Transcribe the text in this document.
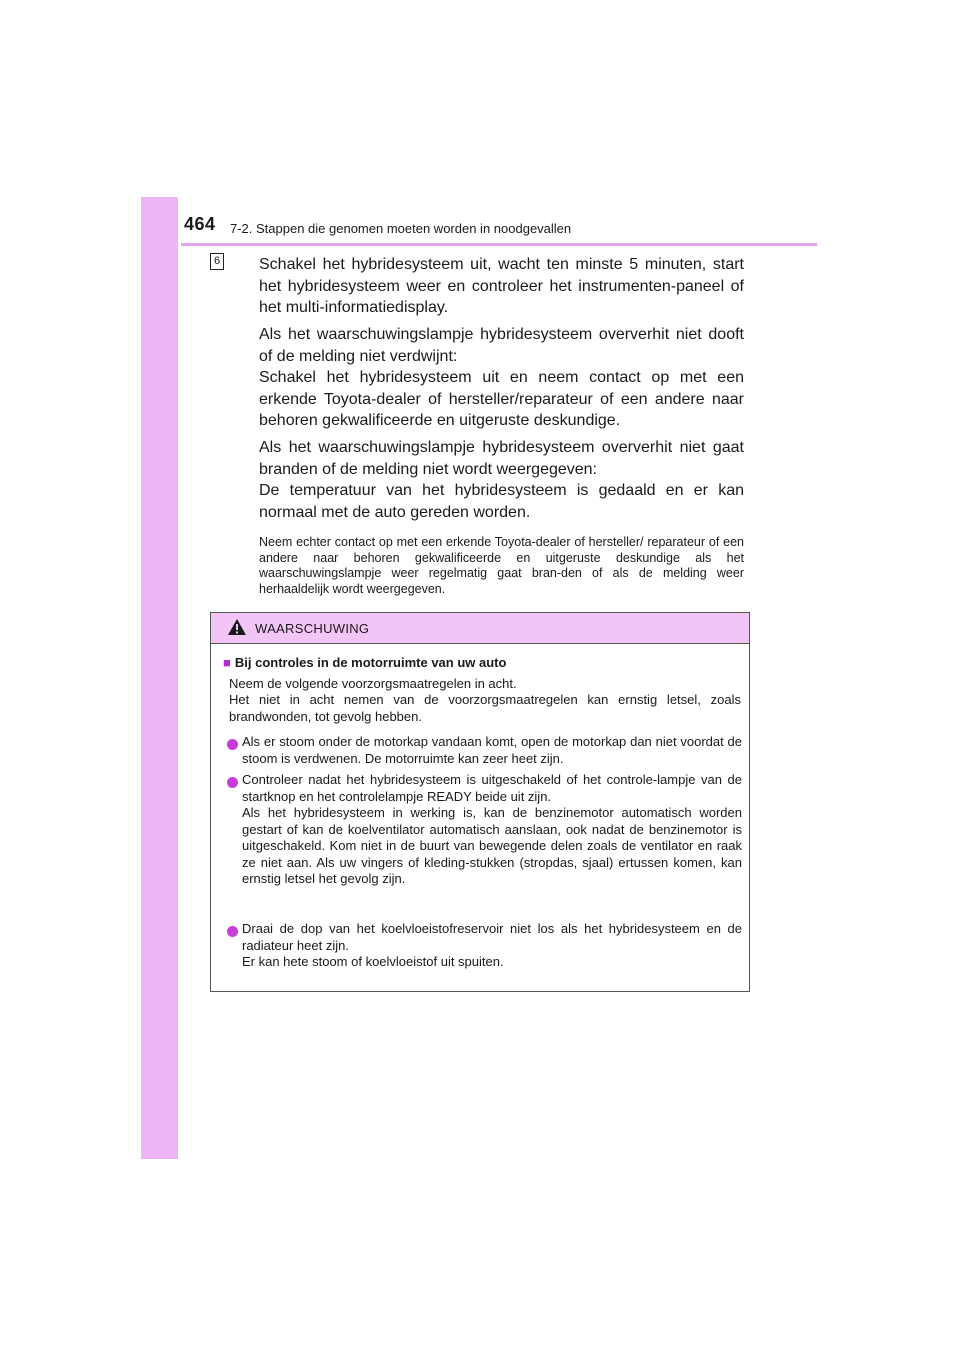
464 7-2. Stappen die genomen moeten worden in noodgevallen
6 Schakel het hybridesysteem uit, wacht ten minste 5 minuten, start het hybridesysteem weer en controleer het instrumenten-paneel of het multi-informatiedisplay.
Als het waarschuwingslampje hybridesysteem oververhit niet dooft of de melding niet verdwijnt:
Schakel het hybridesysteem uit en neem contact op met een erkende Toyota-dealer of hersteller/reparateur of een andere naar behoren gekwalificeerde en uitgeruste deskundige.
Als het waarschuwingslampje hybridesysteem oververhit niet gaat branden of de melding niet wordt weergegeven:
De temperatuur van het hybridesysteem is gedaald en er kan normaal met de auto gereden worden.
Neem echter contact op met een erkende Toyota-dealer of hersteller/ reparateur of een andere naar behoren gekwalificeerde en uitgeruste deskundige als het waarschuwingslampje weer regelmatig gaat bran-den of als de melding weer herhaaldelijk wordt weergegeven.
WAARSCHUWING
■ Bij controles in de motorruimte van uw auto
Neem de volgende voorzorgsmaatregelen in acht.
Het niet in acht nemen van de voorzorgsmaatregelen kan ernstig letsel, zoals brandwonden, tot gevolg hebben.
Als er stoom onder de motorkap vandaan komt, open de motorkap dan niet voordat de stoom is verdwenen. De motorruimte kan zeer heet zijn.
Controleer nadat het hybridesysteem is uitgeschakeld of het controle-lampje van de startknop en het controlelampje READY beide uit zijn.
Als het hybridesysteem in werking is, kan de benzinemotor automatisch worden gestart of kan de koelventilator automatisch aanslaan, ook nadat de benzinemotor is uitgeschakeld. Kom niet in de buurt van bewegende delen zoals de ventilator en raak ze niet aan. Als uw vingers of kleding-stukken (stropdas, sjaal) ertussen komen, kan ernstig letsel het gevolg zijn.
Draai de dop van het koelvloeistofreservoir niet los als het hybridesysteem en de radiateur heet zijn.
Er kan hete stoom of koelvloeistof uit spuiten.
